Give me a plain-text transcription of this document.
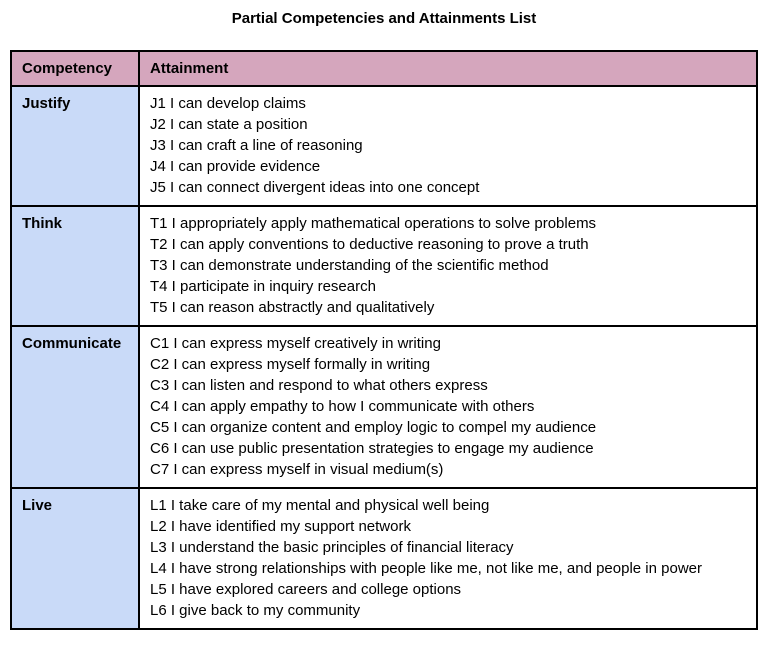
Partial Competencies and Attainments List
Competency	Attainment
Justify	J1 I can develop claims
J2 I can state a position
J3 I can craft a line of reasoning
J4 I can provide evidence
J5 I can connect divergent ideas into one concept

Think	T1 I appropriately apply mathematical operations to solve problems
T2 I can apply conventions to deductive reasoning to prove a truth
T3 I can demonstrate understanding of the scientific method
T4 I participate in inquiry research
T5 I can reason abstractly and qualitatively

Communicate	C1 I can express myself creatively in writing
C2 I can express myself formally in writing
C3 I can listen and respond to what others express
C4 I can apply empathy to how I communicate with others
C5 I can organize content and employ logic to compel my audience
C6 I can use public presentation strategies to engage my audience
C7 I can express myself in visual medium(s)

Live	L1 I take care of my mental and physical well being
L2 I have identified my support network
L3 I understand the basic principles of financial literacy
L4 I have strong relationships with people like me, not like me, and people in power
L5 I have explored careers and college options
L6 I give back to my community
